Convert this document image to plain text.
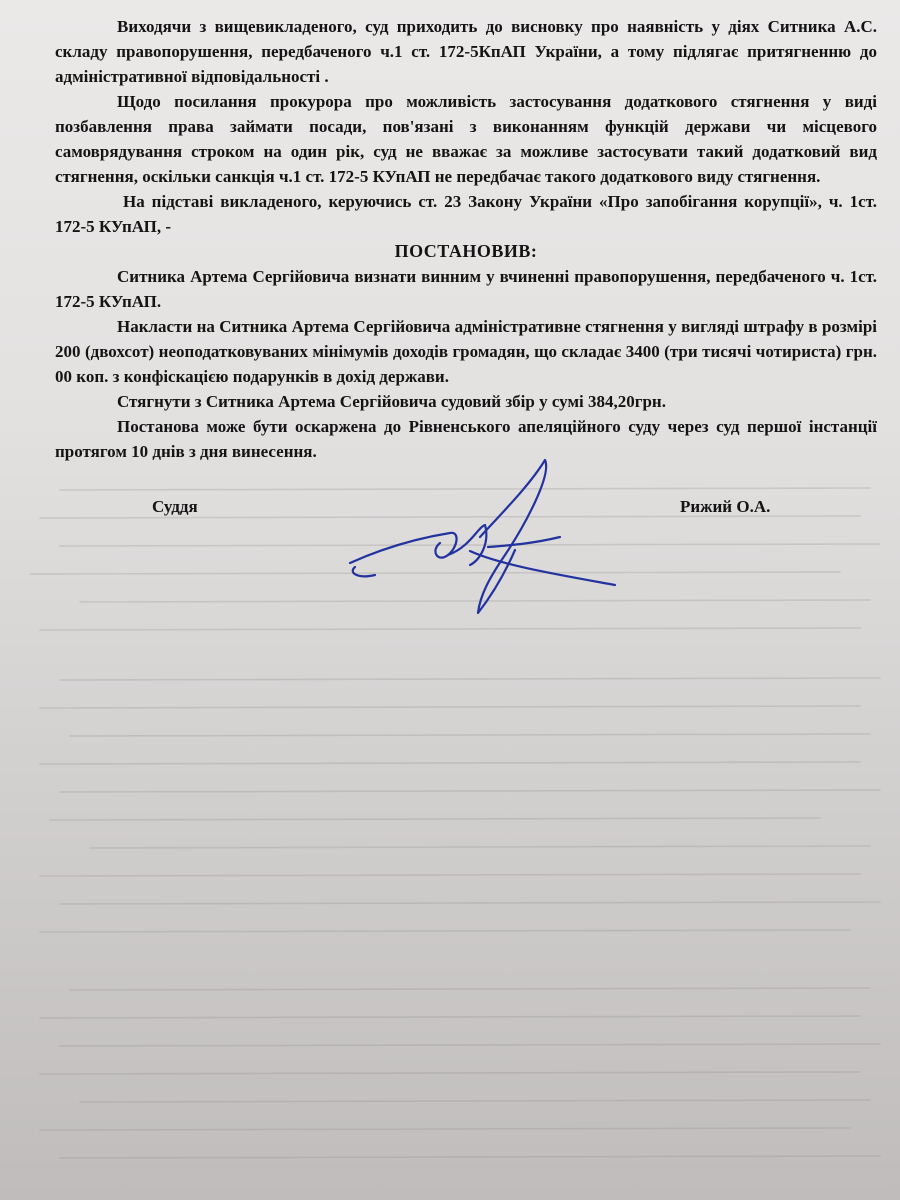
Виходячи з вищевикладеного, суд приходить до висновку про наявність у діях Ситника А.С. складу правопорушення, передбаченого ч.1 ст. 172-5КпАП України, а тому підлягає притягненню до адміністративної відповідальності .

Щодо посилання прокурора про можливість застосування додаткового стягнення у виді позбавлення права займати посади, пов'язані з виконанням функцій держави чи місцевого самоврядування строком на один рік, суд не вважає за можливе застосувати такий додатковий вид стягнення, оскільки санкція ч.1 ст. 172-5 КУпАП не передбачає такого додаткового виду стягнення.

На підставі викладеного, керуючись ст. 23 Закону України «Про запобігання корупції», ч. 1ст. 172-5 КУпАП, -

ПОСТАНОВИВ:

Ситника Артема Сергійовича визнати винним у вчиненні правопорушення, передбаченого ч. 1ст. 172-5 КУпАП.

Накласти на Ситника Артема Сергійовича адміністративне стягнення у вигляді штрафу в розмірі 200 (двохсот) неоподатковуваних мінімумів доходів громадян, що складає 3400 (три тисячі чотириста) грн. 00 коп. з конфіскацією подарунків в дохід держави.

Стягнути з Ситника Артема Сергійовича судовий збір у сумі 384,20грн.

Постанова може бути оскаржена до Рівненського апеляційного суду через суд першої інстанції протягом 10 днів з дня винесення.

Суддя	Рижий О.А.
